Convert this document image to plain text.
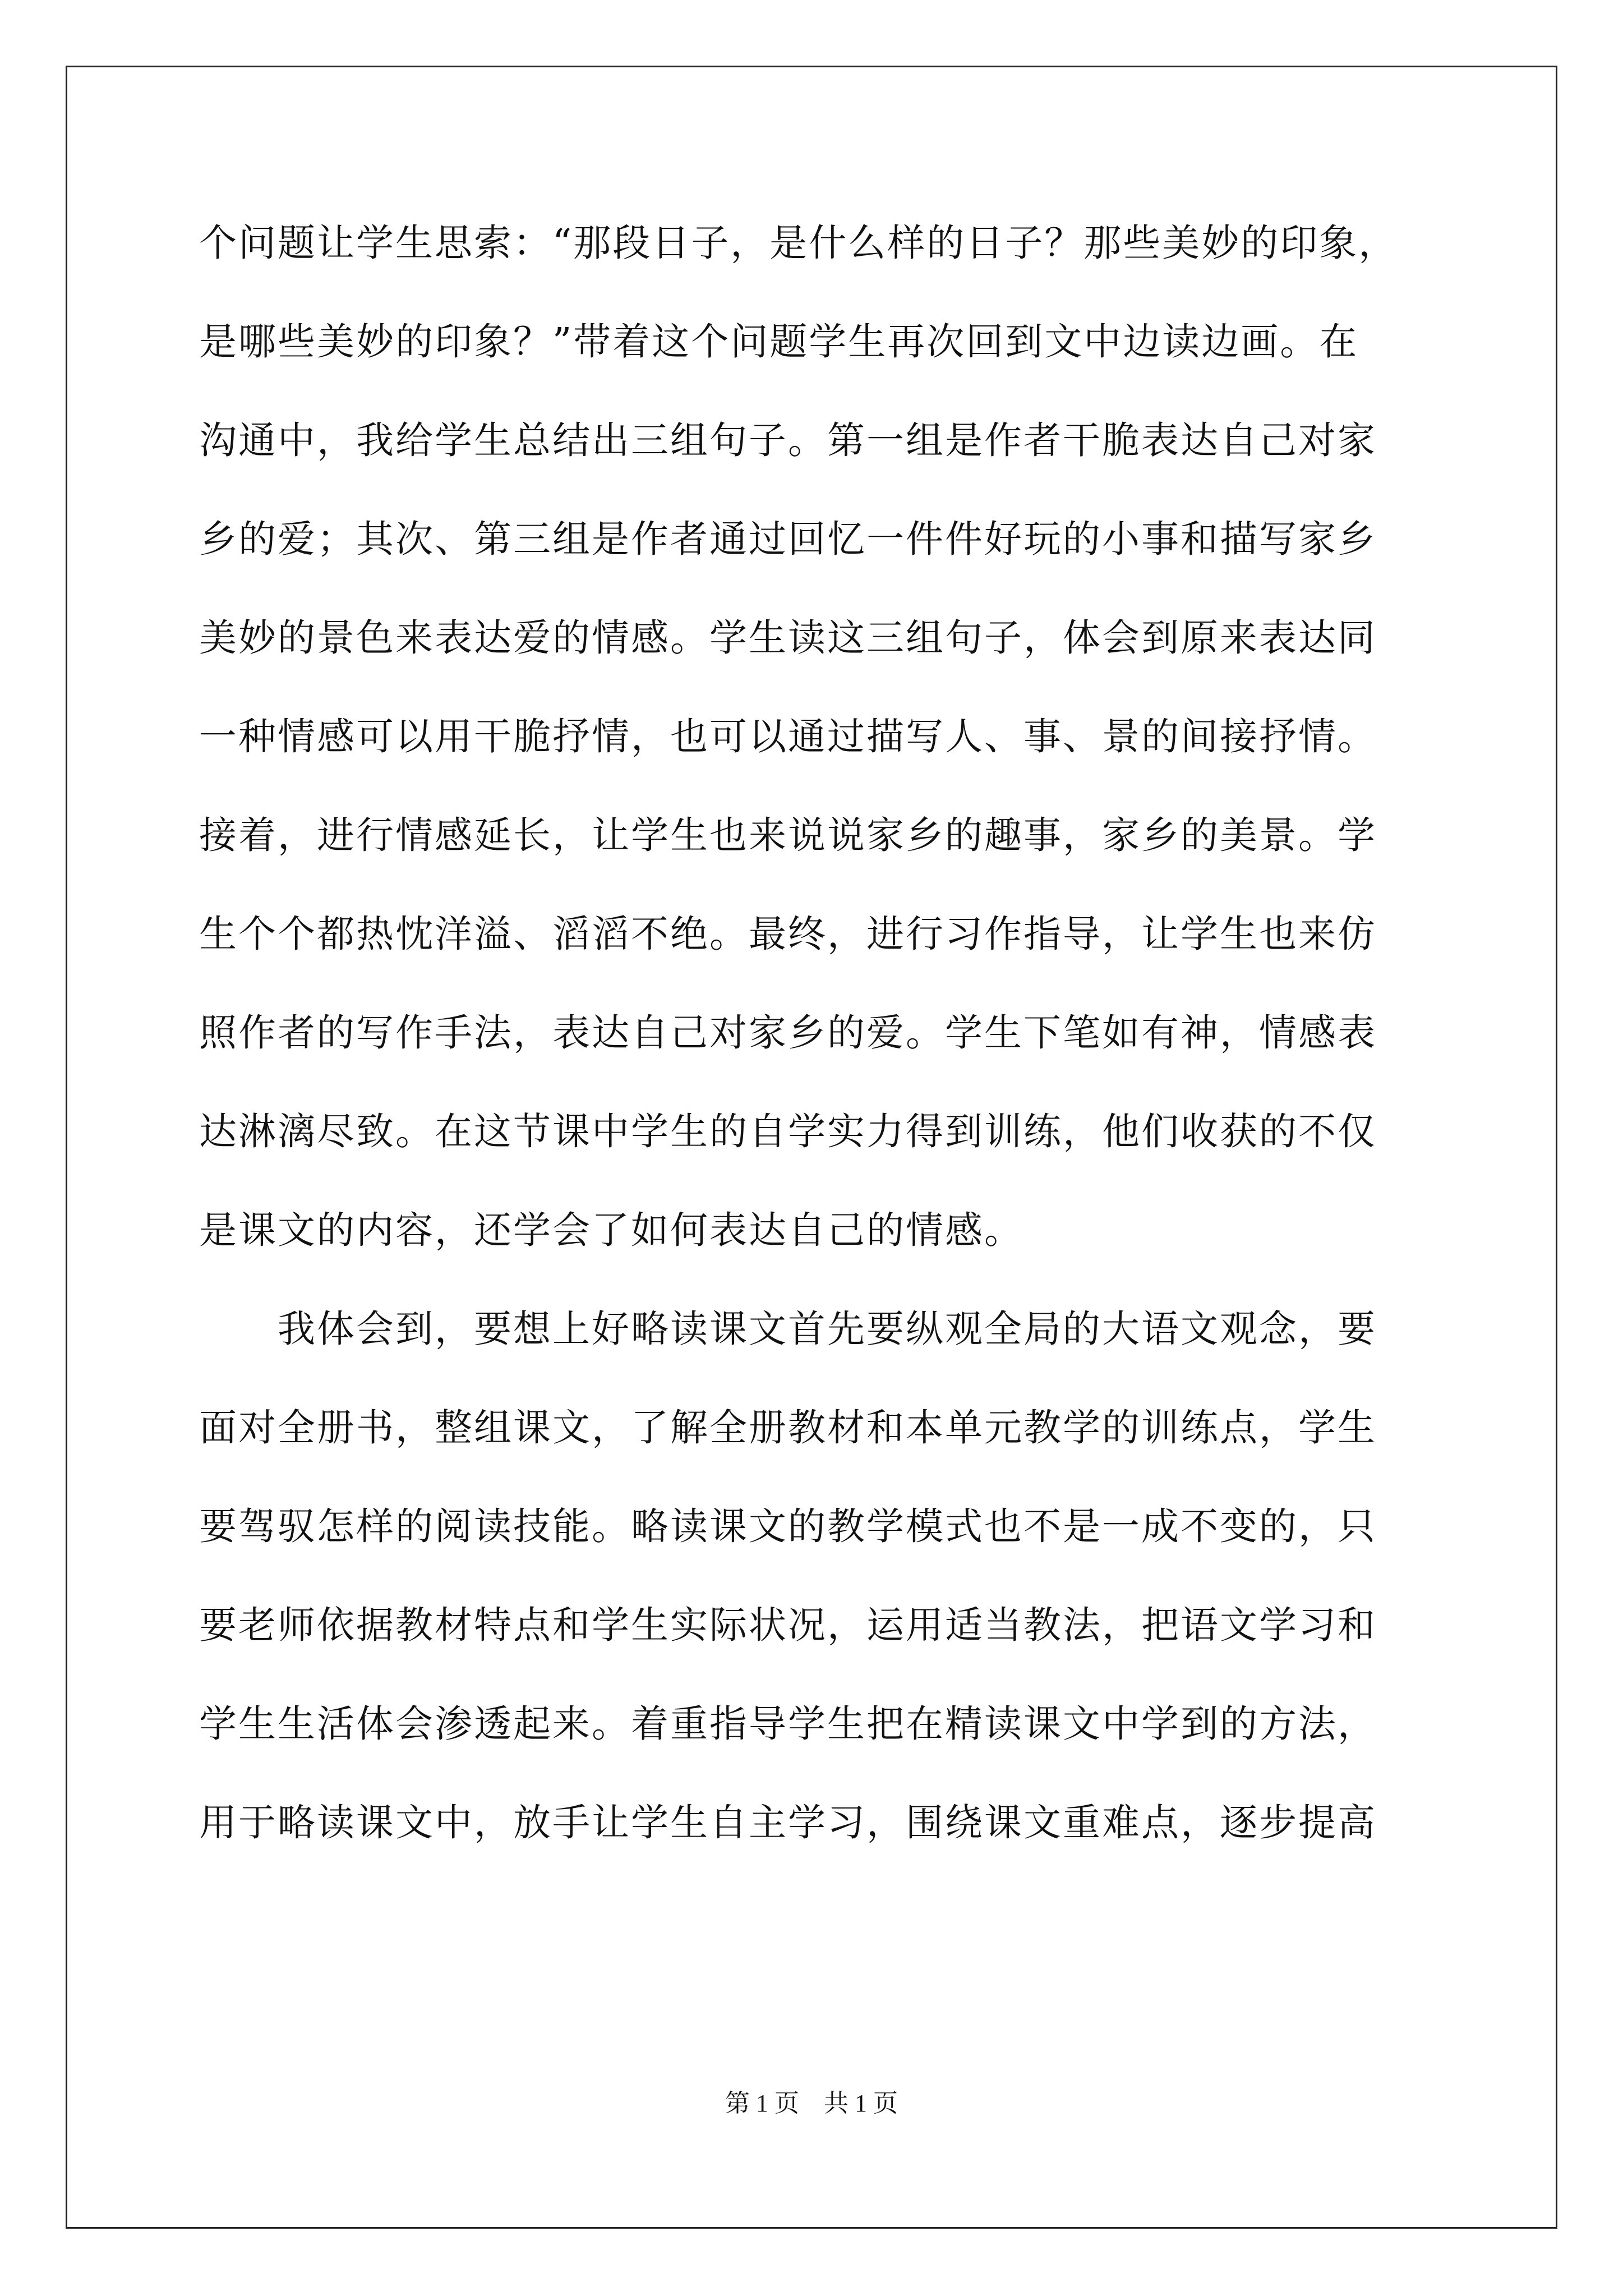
个问题让学生思索：“那段日子，是什么样的日子？那些美妙的印象，
是哪些美妙的印象？”带着这个问题学生再次回到文中边读边画。在
沟通中，我给学生总结出三组句子。第一组是作者干脆表达自己对家
乡的爱；其次、第三组是作者通过回忆一件件好玩的小事和描写家乡
美妙的景色来表达爱的情感。学生读这三组句子，体会到原来表达同
一种情感可以用干脆抒情，也可以通过描写人、事、景的间接抒情。
接着，进行情感延长，让学生也来说说家乡的趣事，家乡的美景。学
生个个都热忱洋溢、滔滔不绝。最终，进行习作指导，让学生也来仿
照作者的写作手法，表达自己对家乡的爱。学生下笔如有神，情感表
达淋漓尽致。在这节课中学生的自学实力得到训练，他们收获的不仅
是课文的内容，还学会了如何表达自己的情感。
我体会到，要想上好略读课文首先要纵观全局的大语文观念，要
面对全册书，整组课文，了解全册教材和本单元教学的训练点，学生
要驾驭怎样的阅读技能。略读课文的教学模式也不是一成不变的，只
要老师依据教材特点和学生实际状况，运用适当教法，把语文学习和
学生生活体会渗透起来。着重指导学生把在精读课文中学到的方法，
用于略读课文中，放手让学生自主学习，围绕课文重难点，逐步提高
第 1 页　共 1 页
